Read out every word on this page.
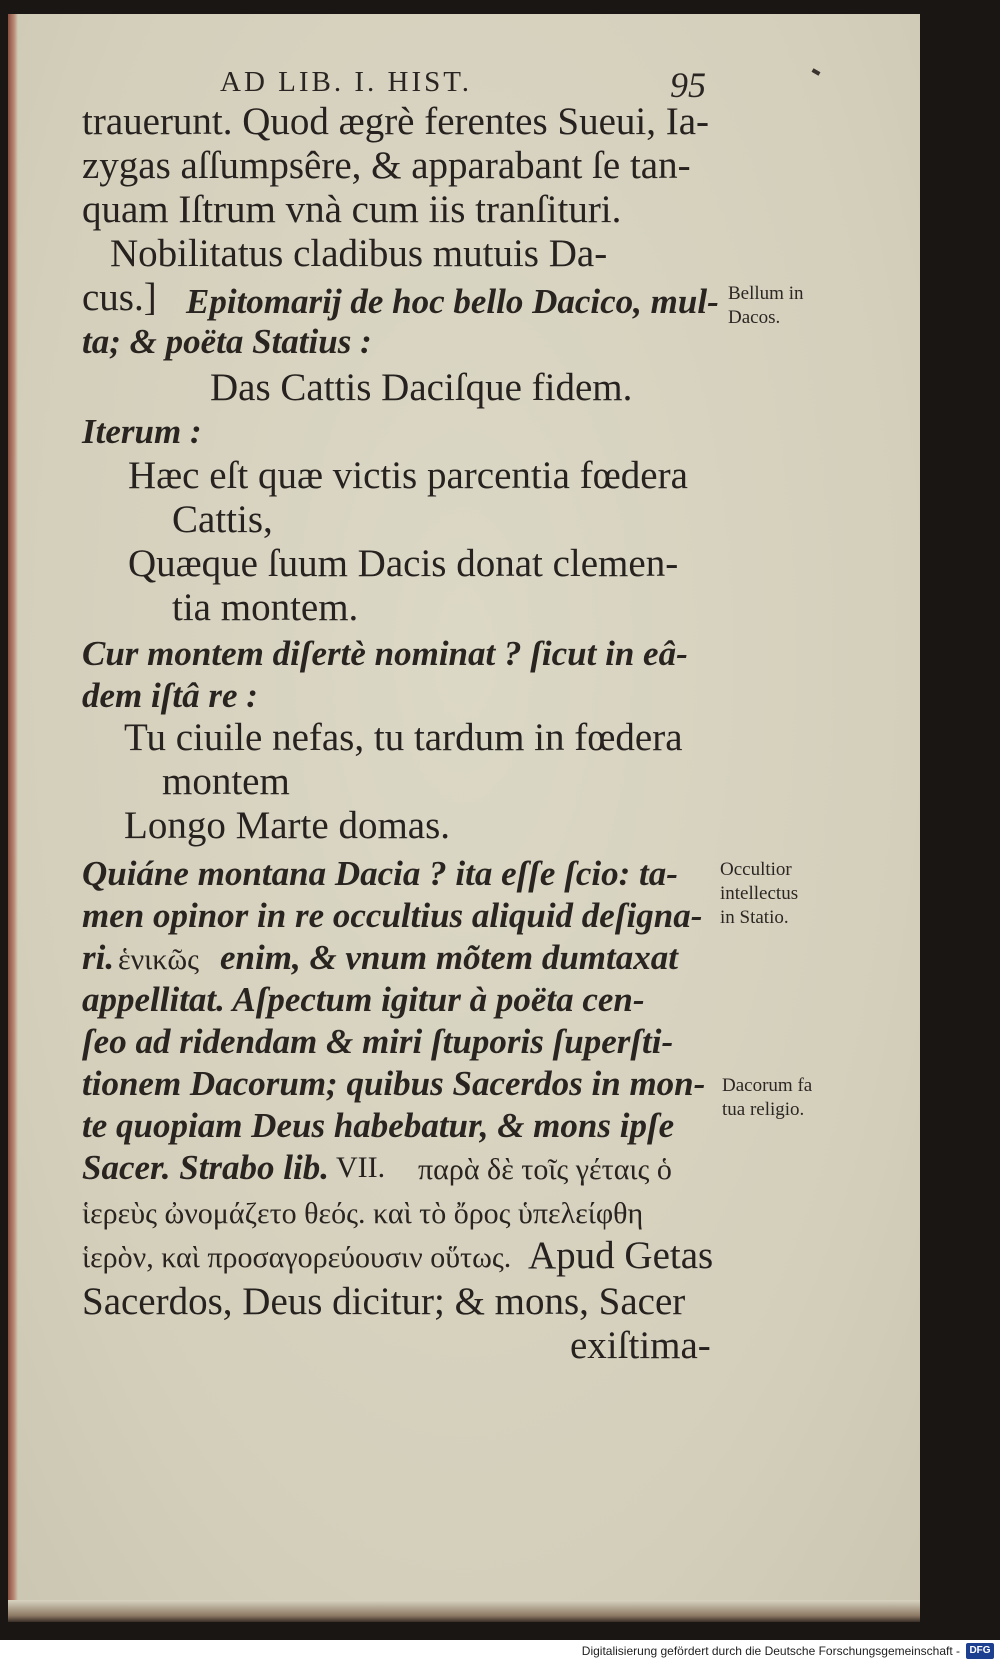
AD LIB. I. HIST.	95
trauerunt. Quod ægrè ferentes Sueui, Ia-
zygas aſſumpsêre, & apparabant ſe tan-
quam Iſtrum vnà cum iis tranſituri.
Nobilitatus cladibus mutuis Da-
cus.] Epitomarij de hoc bello Dacico, mul-
ta; & poëta Statius :
Das Cattis Daciſque fidem.
Iterum :
Hæc eſt quæ victis parcentia fœdera
Cattis,
Quæque ſuum Dacis donat clemen-
tia montem.
Cur montem diſertè nominat ? ſicut in eâ-
dem iſtâ re :
Tu ciuile nefas, tu tardum in fœdera
montem
Longo Marte domas.
Quiáne montana Dacia ? ita eſſe ſcio: ta-
men opinor in re occultius aliquid deſigna-
ri. ἑνικῶς enim, & vnum mõtem dumtaxat
appellitat. Aſpectum igitur à poëta cen-
ſeo ad ridendam & miri ſtuporis ſuperſti-
tionem Dacorum; quibus Sacerdos in mon-
te quopiam Deus habebatur, & mons ipſe
Sacer. Strabo lib. VII. παρὰ δὲ τοῖς γέταις ὁ
ἱερεὺς ὠνομάζετο θεός. καὶ τὸ ὄρος ὑπελείφθη
ἱερὸν, καὶ προσαγορεύουσιν οὕτως. Apud Getas
Sacerdos, Deus dicitur; & mons, Sacer
exiſtima-
Bellum in
Dacos.
Occultior
intellectus
in Statio.
Dacorum fa
tua religio.
Digitalisierung gefördert durch die Deutsche Forschungsgemeinschaft - DFG
